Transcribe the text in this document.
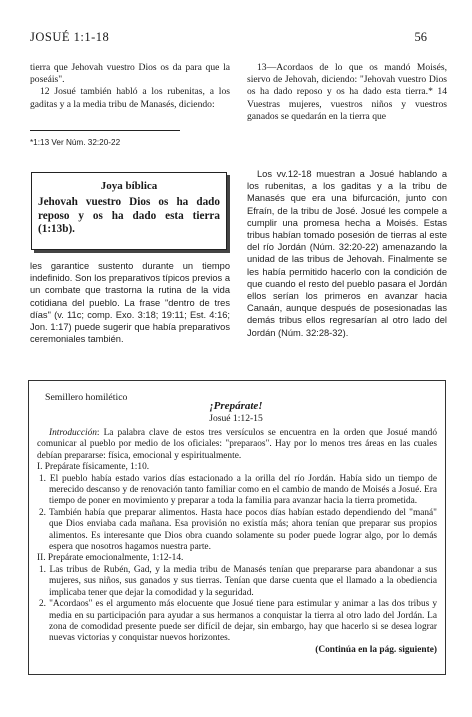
JOSUÉ 1:1-18	56

tierra que Jehovah vuestro Dios os da para que la poseáis".

12 Josué también habló a los rubenitas, a los gaditas y a la media tribu de Manasés, diciendo:

13—Acordaos de lo que os mandó Moisés, siervo de Jehovah, diciendo: "Jehovah vuestro Dios os ha dado reposo y os ha dado esta tierra.* 14 Vuestras mujeres, vuestros niños y vuestros ganados se quedarán en la tierra que

*1:13 Ver Núm. 32:20-22
Joya bíblica
Jehovah vuestro Dios os ha dado reposo y os ha dado esta tierra (1:13b).
les garantice sustento durante un tiempo indefinido. Son los preparativos típicos previos a un combate que trastorna la rutina de la vida cotidiana del pueblo. La frase "dentro de tres días" (v. 11c; comp. Exo. 3:18; 19:11; Est. 4:16; Jon. 1:17) puede sugerir que había preparativos ceremoniales también.
Los vv.12-18 muestran a Josué hablando a los rubenitas, a los gaditas y a la tribu de Manasés que era una bifurcación, junto con Efraín, de la tribu de José. Josué les compele a cumplir una promesa hecha a Moisés. Estas tribus habían tomado posesión de tierras al este del río Jordán (Núm. 32:20-22) amenazando la unidad de las tribus de Jehovah. Finalmente se les había permitido hacerlo con la condición de que cuando el resto del pueblo pasara el Jordán ellos serían los primeros en avanzar hacia Canaán, aunque después de posesionadas las demás tribus ellos regresarían al otro lado del Jordán (Núm. 32:28-32).
Semillero homilético
¡Prepárate!
Josué 1:12-15
Introducción: La palabra clave de estos tres versículos se encuentra en la orden que Josué mandó comunicar al pueblo por medio de los oficiales: "preparaos". Hay por lo menos tres áreas en las cuales debían prepararse: física, emocional y espiritualmente.
I. Prepárate físicamente, 1:10.
1. El pueblo había estado varios días estacionado a la orilla del río Jordán. Había sido un tiempo de merecido descanso y de renovación tanto familiar como en el cambio de mando de Moisés a Josué. Era tiempo de poner en movimiento y preparar a toda la familia para avanzar hacia la tierra prometida.
2. También había que preparar alimentos. Hasta hace pocos días habían estado dependiendo del "maná" que Dios enviaba cada mañana. Esa provisión no existía más; ahora tenían que preparar sus propios alimentos. Es interesante que Dios obra cuando solamente su poder puede lograr algo, por lo demás espera que nosotros hagamos nuestra parte.
II. Prepárate emocionalmente, 1:12-14.
1. Las tribus de Rubén, Gad, y la media tribu de Manasés tenían que prepararse para abandonar a sus mujeres, sus niños, sus ganados y sus tierras. Tenían que darse cuenta que el llamado a la obediencia implicaba tener que dejar la comodidad y la seguridad.
2. "Acordaos" es el argumento más elocuente que Josué tiene para estimular y animar a las dos tribus y media en su participación para ayudar a sus hermanos a conquistar la tierra al otro lado del Jordán. La zona de comodidad presente puede ser difícil de dejar, sin embargo, hay que hacerlo si se desea lograr nuevas victorias y conquistar nuevos horizontes.
(Continúa en la pág. siguiente)
